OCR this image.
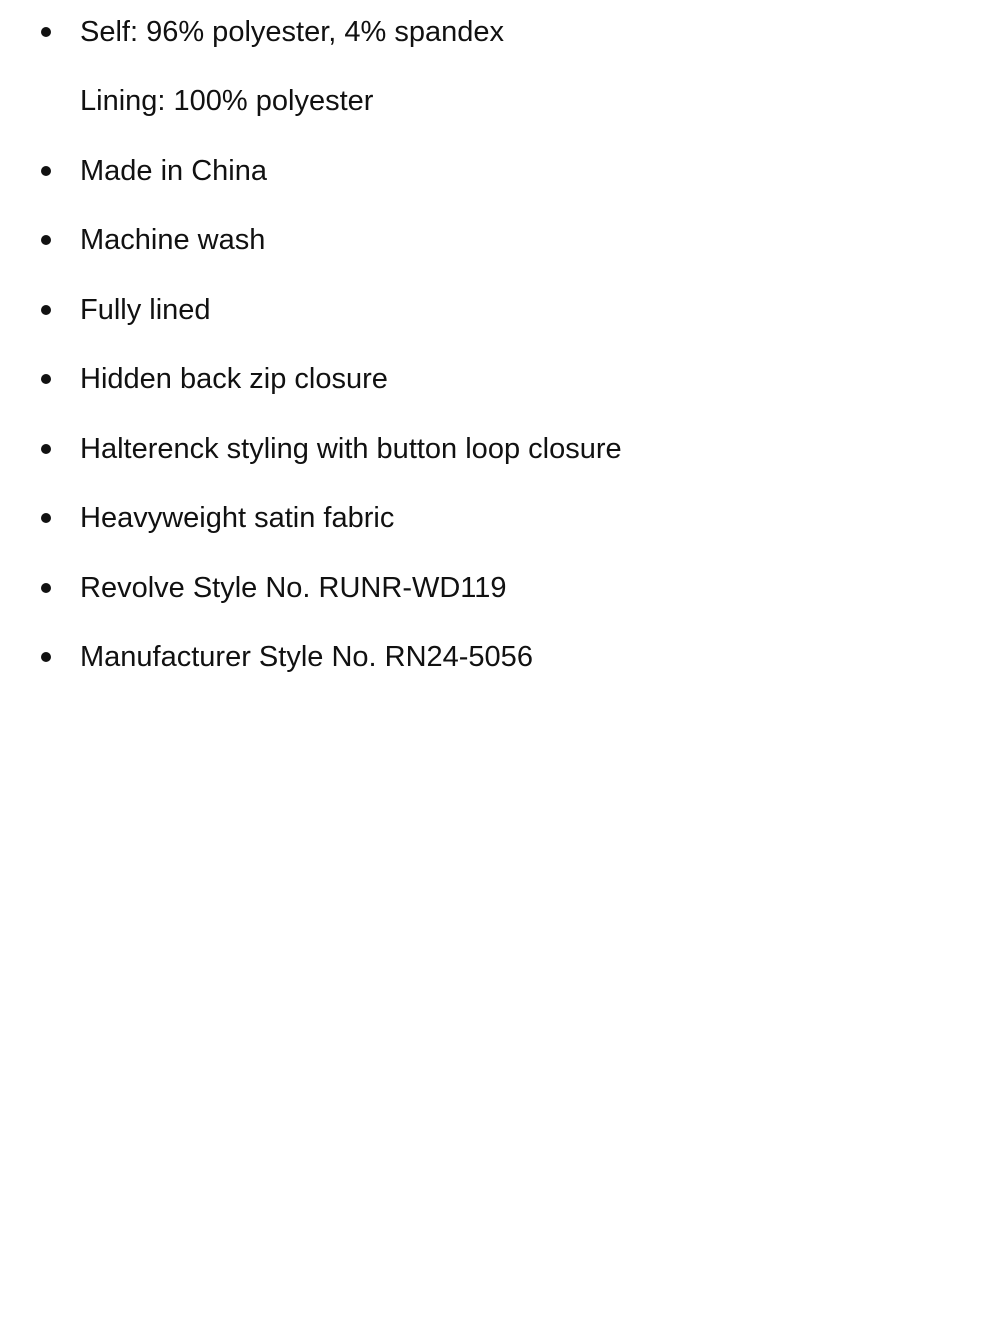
Self: 96% polyester, 4% spandex
Lining: 100% polyester
Made in China
Machine wash
Fully lined
Hidden back zip closure
Halterenck styling with button loop closure
Heavyweight satin fabric
Revolve Style No. RUNR-WD119
Manufacturer Style No. RN24-5056
